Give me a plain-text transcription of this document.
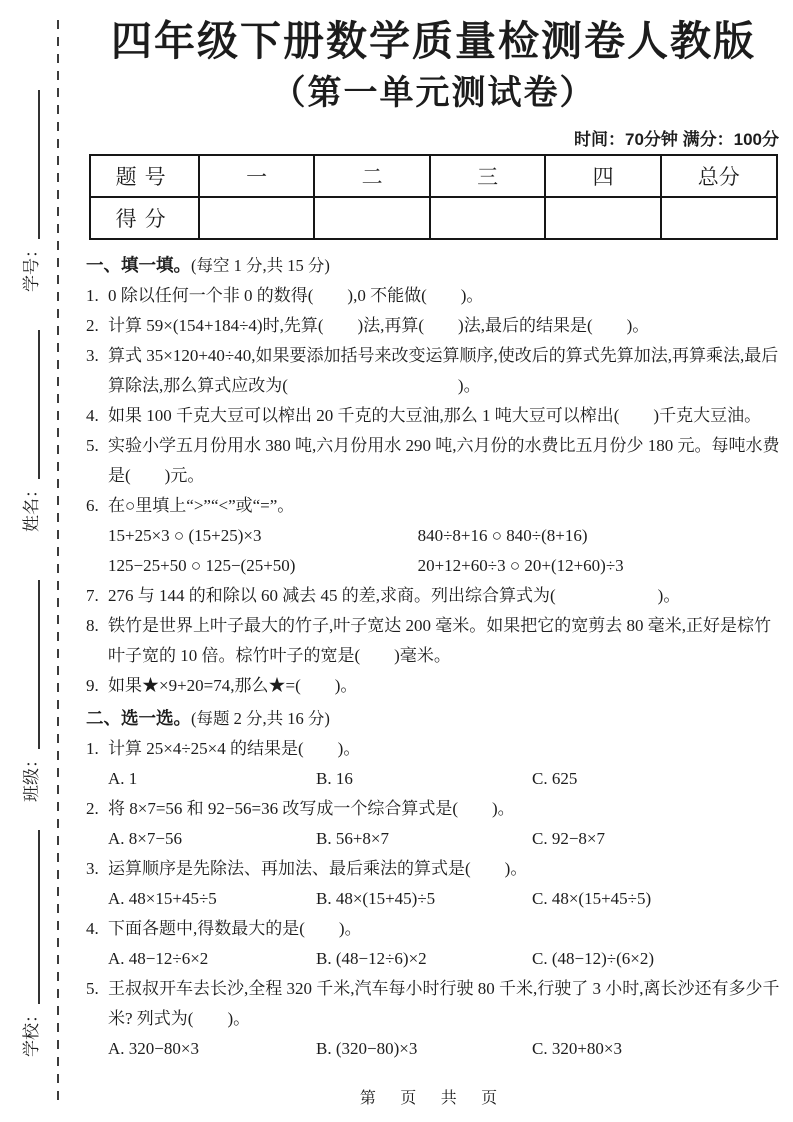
学号：
姓名：
班级：
学校：
四年级下册数学质量检测卷人教版
（第一单元测试卷）
时间：70分钟 满分：100分
题号	一	二	三	四	总分
得分					
一、填一填。(每空 1 分,共 15 分)
1. 0 除以任何一个非 0 的数得(　　),0 不能做(　　)。
2. 计算 59×(154+184÷4)时,先算(　　)法,再算(　　)法,最后的结果是(　　)。
3. 算式 35×120+40÷40,如果要添加括号来改变运算顺序,使改后的算式先算加法,再算乘法,最后算除法,那么算式应改为(　　　　　　　　　　)。
4. 如果 100 千克大豆可以榨出 20 千克的大豆油,那么 1 吨大豆可以榨出(　　)千克大豆油。
5. 实验小学五月份用水 380 吨,六月份用水 290 吨,六月份的水费比五月份少 180 元。每吨水费是(　　)元。
6. 在○里填上“>”“<”或“=”。
15+25×3 ○ (15+25)×3	840÷8+16 ○ 840÷(8+16)
125−25+50 ○ 125−(25+50)	20+12+60÷3 ○ 20+(12+60)÷3
7. 276 与 144 的和除以 60 减去 45 的差,求商。列出综合算式为(　　　　　　)。
8. 铁竹是世界上叶子最大的竹子,叶子宽达 200 毫米。如果把它的宽剪去 80 毫米,正好是棕竹叶子宽的 10 倍。棕竹叶子的宽是(　　)毫米。
9. 如果★×9+20=74,那么★=(　　)。
二、选一选。(每题 2 分,共 16 分)
1. 计算 25×4÷25×4 的结果是(　　)。
A. 1	B. 16	C. 625
2. 将 8×7=56 和 92−56=36 改写成一个综合算式是(　　)。
A. 8×7−56	B. 56+8×7	C. 92−8×7
3. 运算顺序是先除法、再加法、最后乘法的算式是(　　)。
A. 48×15+45÷5	B. 48×(15+45)÷5	C. 48×(15+45÷5)
4. 下面各题中,得数最大的是(　　)。
A. 48−12÷6×2	B. (48−12÷6)×2	C. (48−12)÷(6×2)
5. 王叔叔开车去长沙,全程 320 千米,汽车每小时行驶 80 千米,行驶了 3 小时,离长沙还有多少千米? 列式为(　　)。
A. 320−80×3	B. (320−80)×3	C. 320+80×3
第 页 共 页
